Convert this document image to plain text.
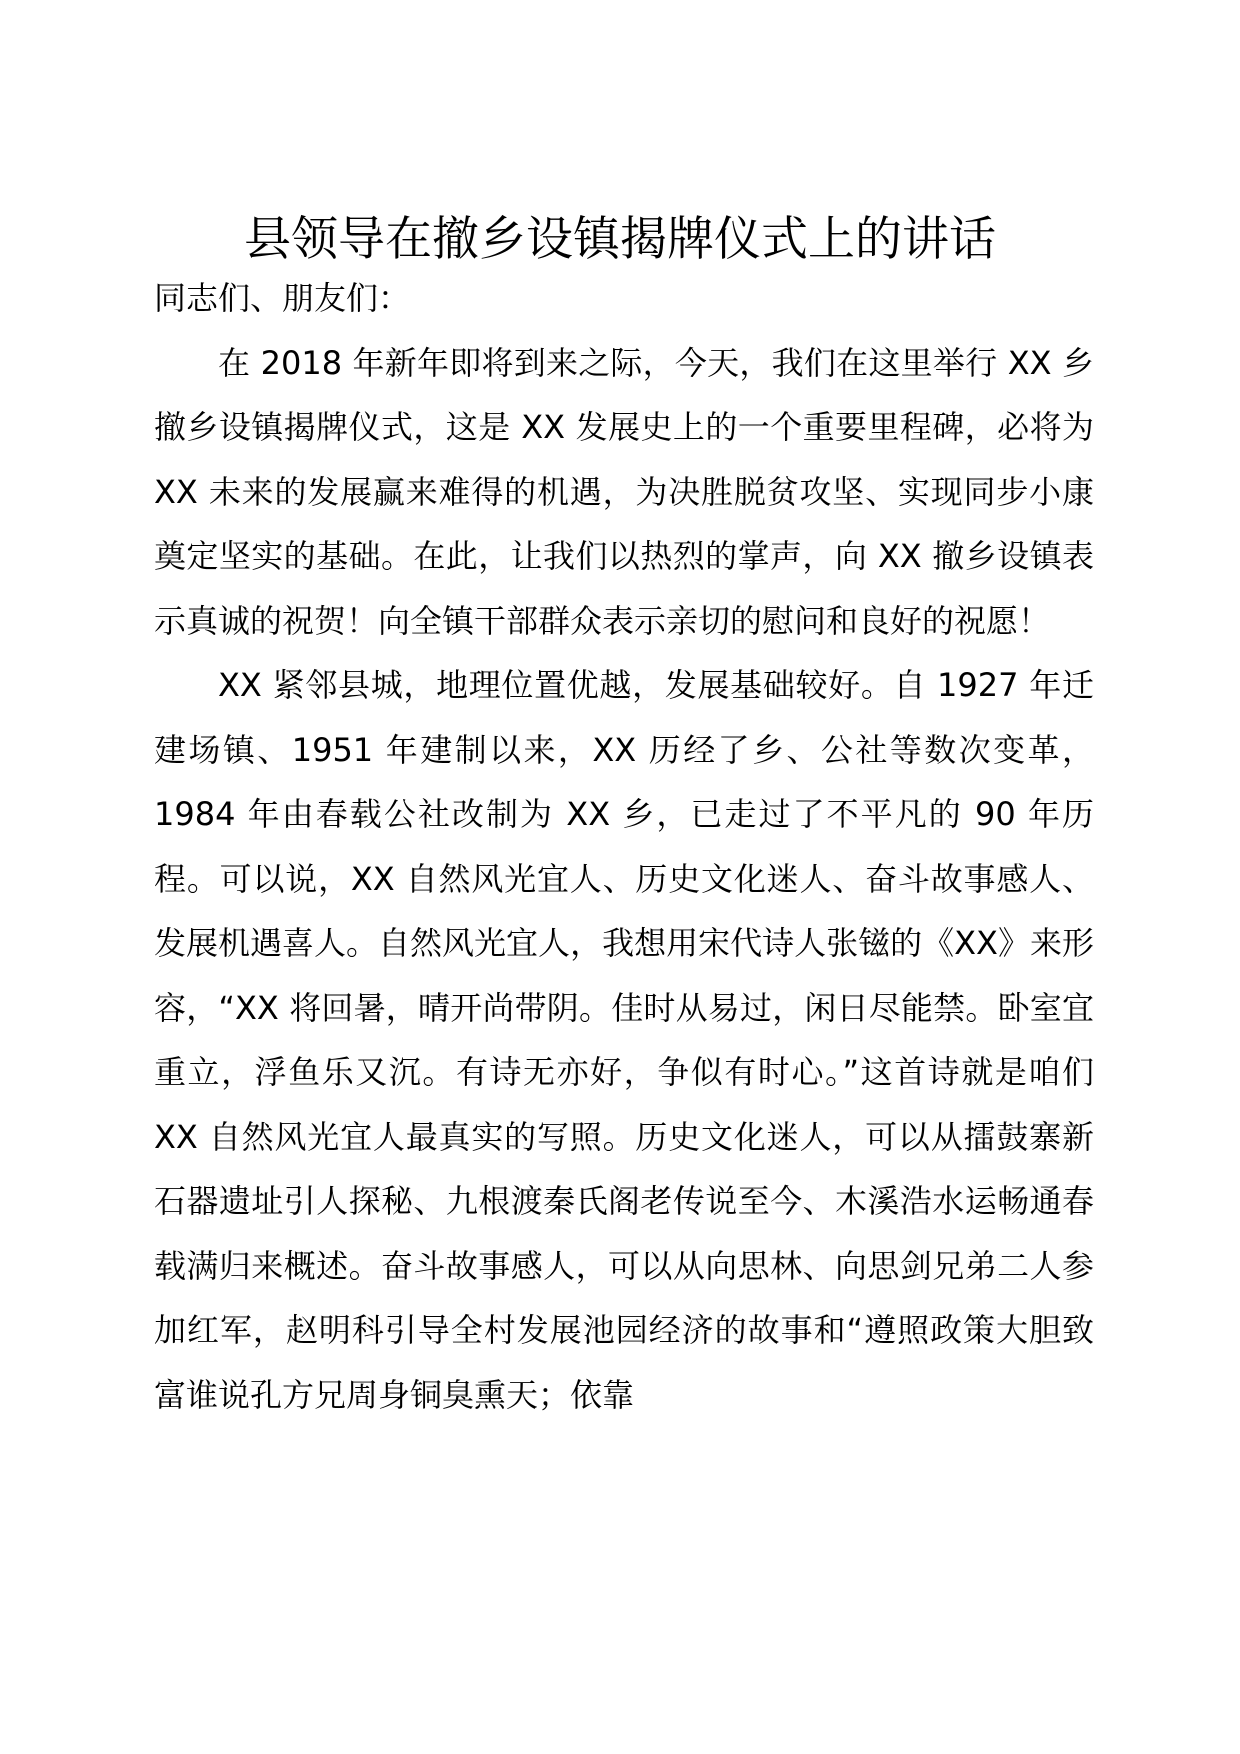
县领导在撤乡设镇揭牌仪式上的讲话

同志们、朋友们：

在 2018 年新年即将到来之际，今天，我们在这里举行 XX 乡撤乡设镇揭牌仪式，这是 XX 发展史上的一个重要里程碑，必将为 XX 未来的发展赢来难得的机遇，为决胜脱贫攻坚、实现同步小康奠定坚实的基础。在此，让我们以热烈的掌声，向 XX 撤乡设镇表示真诚的祝贺！向全镇干部群众表示亲切的慰问和良好的祝愿！

XX 紧邻县城，地理位置优越，发展基础较好。自 1927 年迁建场镇、1951 年建制以来，XX 历经了乡、公社等数次变革，1984 年由春载公社改制为 XX 乡，已走过了不平凡的 90 年历程。可以说，XX 自然风光宜人、历史文化迷人、奋斗故事感人、发展机遇喜人。自然风光宜人，我想用宋代诗人张镃的《XX》来形容，“XX 将回暑，晴开尚带阴。佳时从易过，闲日尽能禁。卧室宜重立，浮鱼乐又沉。有诗无亦好，争似有时心。”这首诗就是咱们 XX 自然风光宜人最真实的写照。历史文化迷人，可以从擂鼓寨新石器遗址引人探秘、九根渡秦氏阁老传说至今、木溪浩水运畅通春载满归来概述。奋斗故事感人，可以从向思林、向思剑兄弟二人参加红军，赵明科引导全村发展池园经济的故事和“遵照政策大胆致富谁说孔方兄周身铜臭熏天；依靠
